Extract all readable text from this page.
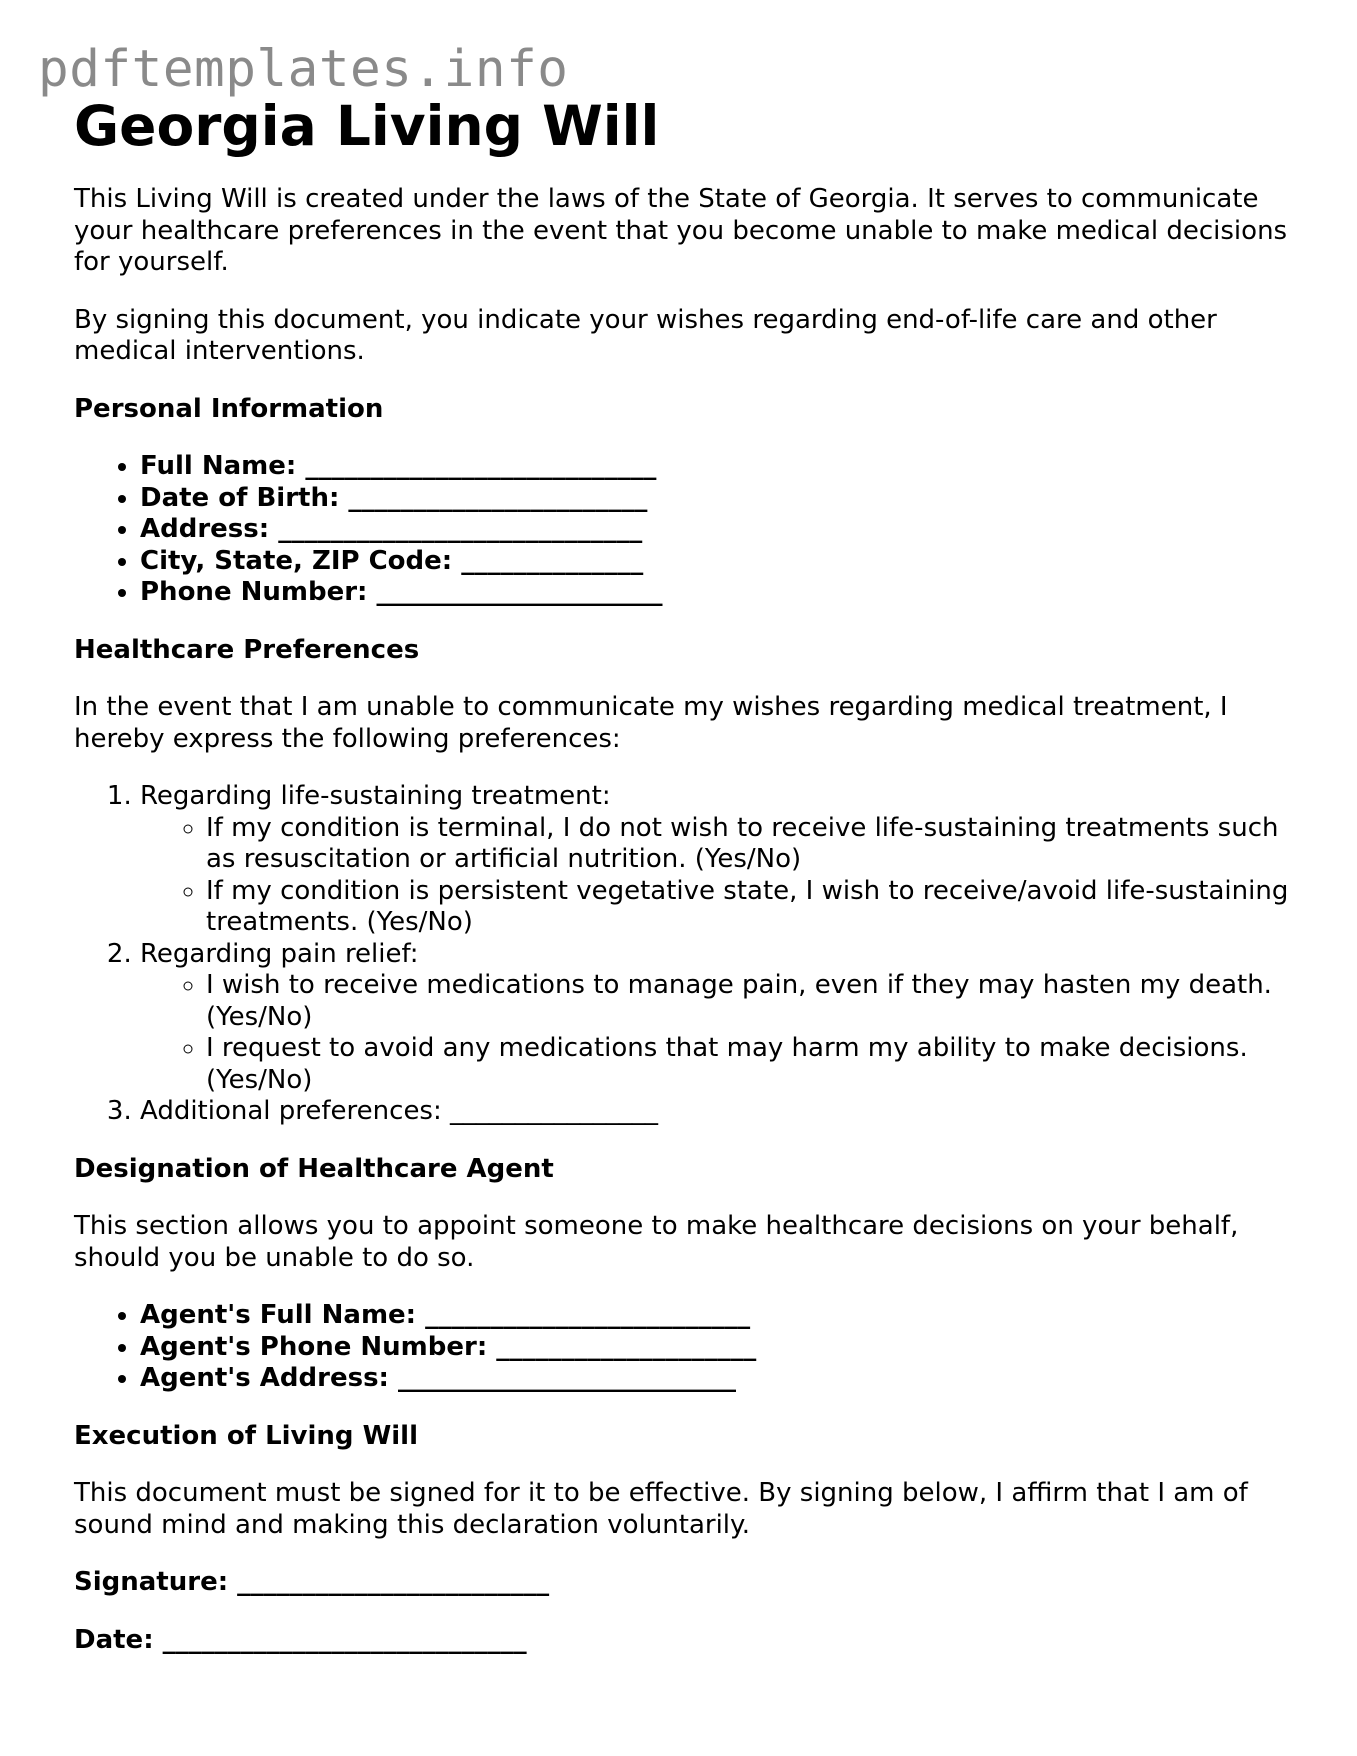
pdftemplates.info
Georgia Living Will

This Living Will is created under the laws of the State of Georgia. It serves to communicate your healthcare preferences in the event that you become unable to make medical decisions for yourself.

By signing this document, you indicate your wishes regarding end-of-life care and other medical interventions.

Personal Information

• Full Name: ___________________________
• Date of Birth: _______________________
• Address: ____________________________
• City, State, ZIP Code: ______________
• Phone Number: ______________________

Healthcare Preferences

In the event that I am unable to communicate my wishes regarding medical treatment, I hereby express the following preferences:

1. Regarding life-sustaining treatment:
◦ If my condition is terminal, I do not wish to receive life-sustaining treatments such as resuscitation or artificial nutrition. (Yes/No)
◦ If my condition is persistent vegetative state, I wish to receive/avoid life-sustaining treatments. (Yes/No)
2. Regarding pain relief:
◦ I wish to receive medications to manage pain, even if they may hasten my death. (Yes/No)
◦ I request to avoid any medications that may harm my ability to make decisions. (Yes/No)
3. Additional preferences: ________________

Designation of Healthcare Agent

This section allows you to appoint someone to make healthcare decisions on your behalf, should you be unable to do so.

• Agent's Full Name: _________________________
• Agent's Phone Number: ____________________
• Agent's Address: __________________________

Execution of Living Will

This document must be signed for it to be effective. By signing below, I affirm that I am of sound mind and making this declaration voluntarily.

Signature: ________________________

Date: ____________________________
